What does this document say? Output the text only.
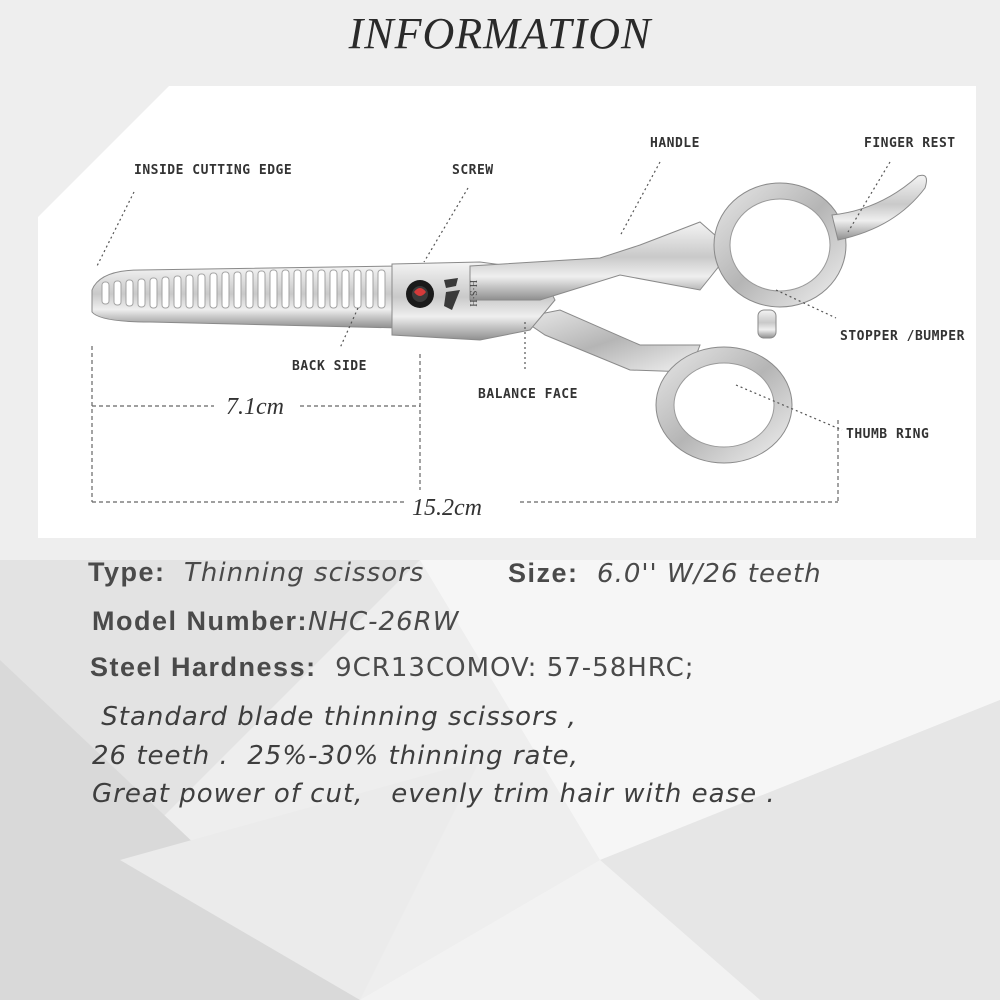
INFORMATION
H·S·H
INSIDE CUTTING EDGE	SCREW
HANDLE	FINGER REST
BACK SIDE
BALANCE FACE
STOPPER /BUMPER
THUMB RING
7.1cm
15.2cm
Type: Thinning scissors	Size: 6.0'' W/26 teeth
Model Number:NHC-26RW
Steel Hardness: 9CR13COMOV: 57-58HRC;
Standard blade thinning scissors ,
26 teeth .  25%-30% thinning rate,
Great power of cut,   evenly trim hair with ease .
